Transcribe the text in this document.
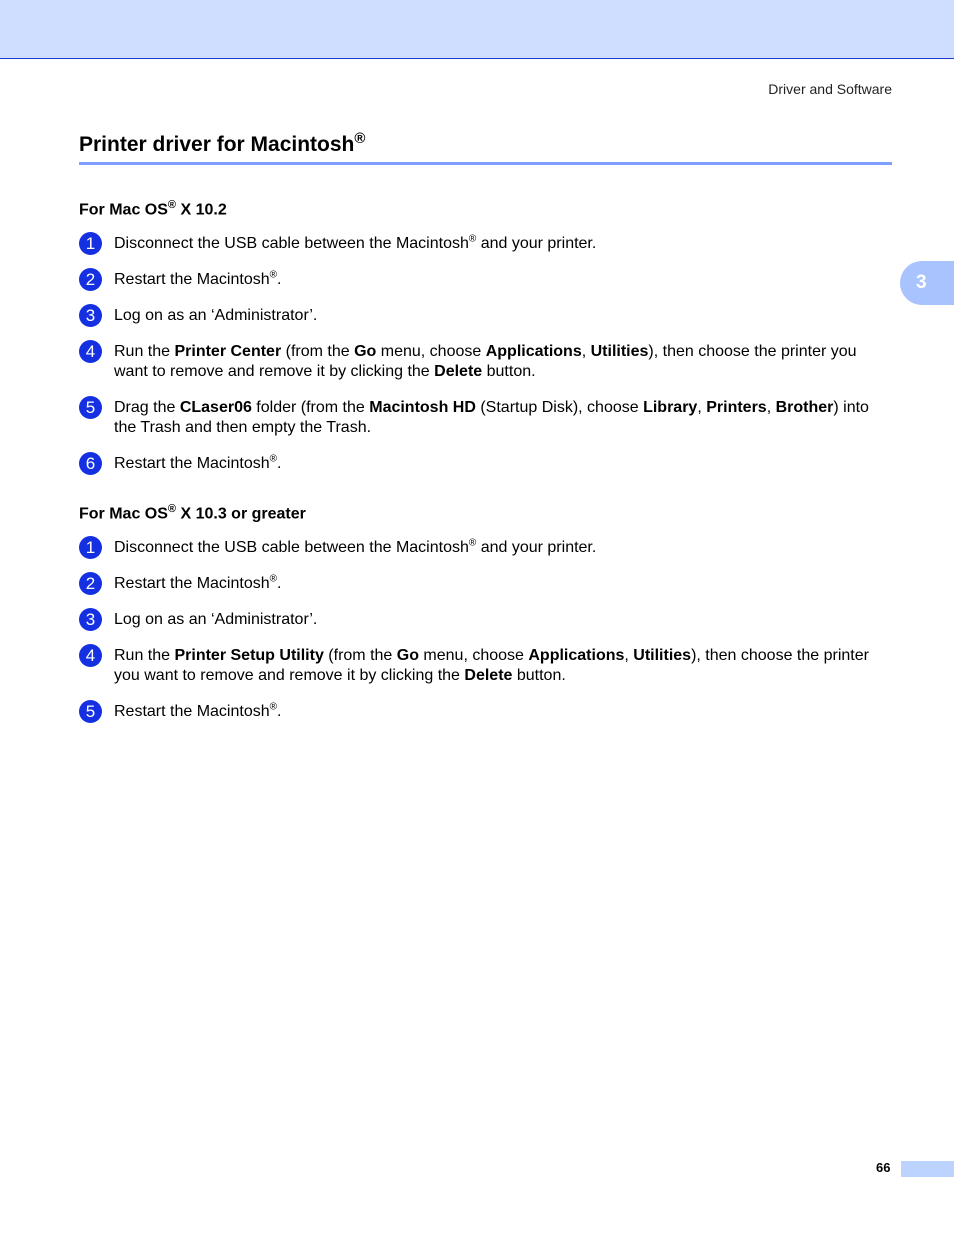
Driver and Software
3
Printer driver for Macintosh®
For Mac OS® X 10.2
1	Disconnect the USB cable between the Macintosh® and your printer.
2	Restart the Macintosh®.
3	Log on as an ‘Administrator’.
4	Run the Printer Center (from the Go menu, choose Applications, Utilities), then choose the printer you want to remove and remove it by clicking the Delete button.
5	Drag the CLaser06 folder (from the Macintosh HD (Startup Disk), choose Library, Printers, Brother) into the Trash and then empty the Trash.
6	Restart the Macintosh®.
For Mac OS® X 10.3 or greater
1	Disconnect the USB cable between the Macintosh® and your printer.
2	Restart the Macintosh®.
3	Log on as an ‘Administrator’.
4	Run the Printer Setup Utility (from the Go menu, choose Applications, Utilities), then choose the printer you want to remove and remove it by clicking the Delete button.
5	Restart the Macintosh®.
66
